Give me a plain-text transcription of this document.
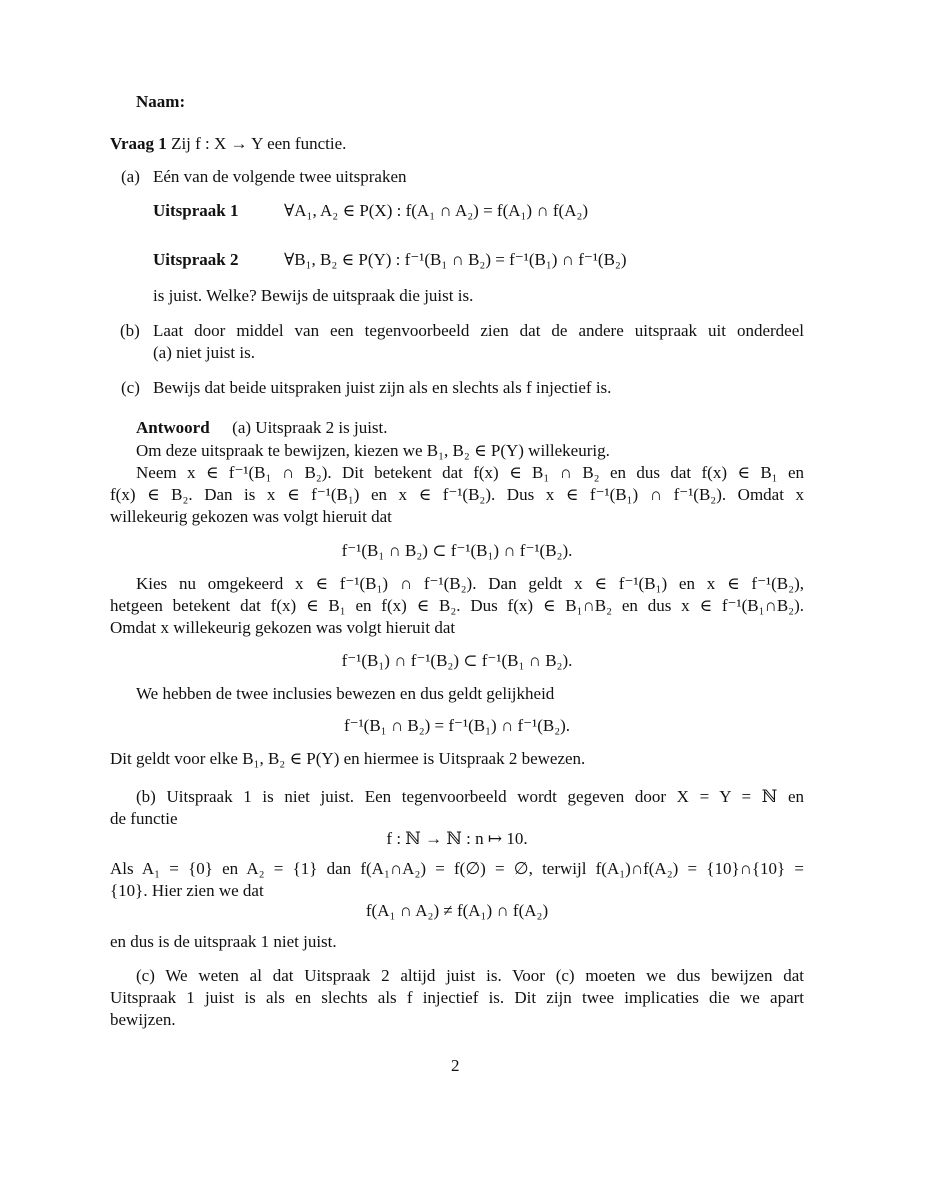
Naam:
Vraag 1 Zij f : X → Y een functie.
(a) Eén van de volgende twee uitspraken
Uitspraak 1	∀A₁, A₂ ∈ P(X) : f(A₁ ∩ A₂) = f(A₁) ∩ f(A₂)
Uitspraak 2	∀B₁, B₂ ∈ P(Y) : f⁻¹(B₁ ∩ B₂) = f⁻¹(B₁) ∩ f⁻¹(B₂)
is juist. Welke? Bewijs de uitspraak die juist is.
(b) Laat door middel van een tegenvoorbeeld zien dat de andere uitspraak uit onderdeel
(a) niet juist is.
(c) Bewijs dat beide uitspraken juist zijn als en slechts als f injectief is.
Antwoord (a) Uitspraak 2 is juist.
Om deze uitspraak te bewijzen, kiezen we B₁, B₂ ∈ P(Y) willekeurig.
Neem x ∈ f⁻¹(B₁ ∩ B₂). Dit betekent dat f(x) ∈ B₁ ∩ B₂ en dus dat f(x) ∈ B₁ en
f(x) ∈ B₂. Dan is x ∈ f⁻¹(B₁) en x ∈ f⁻¹(B₂). Dus x ∈ f⁻¹(B₁) ∩ f⁻¹(B₂). Omdat x
willekeurig gekozen was volgt hieruit dat
f⁻¹(B₁ ∩ B₂) ⊂ f⁻¹(B₁) ∩ f⁻¹(B₂).
Kies nu omgekeerd x ∈ f⁻¹(B₁) ∩ f⁻¹(B₂). Dan geldt x ∈ f⁻¹(B₁) en x ∈ f⁻¹(B₂),
hetgeen betekent dat f(x) ∈ B₁ en f(x) ∈ B₂. Dus f(x) ∈ B₁∩B₂ en dus x ∈ f⁻¹(B₁∩B₂).
Omdat x willekeurig gekozen was volgt hieruit dat
f⁻¹(B₁) ∩ f⁻¹(B₂) ⊂ f⁻¹(B₁ ∩ B₂).
We hebben de twee inclusies bewezen en dus geldt gelijkheid
f⁻¹(B₁ ∩ B₂) = f⁻¹(B₁) ∩ f⁻¹(B₂).
Dit geldt voor elke B₁, B₂ ∈ P(Y) en hiermee is Uitspraak 2 bewezen.
(b) Uitspraak 1 is niet juist. Een tegenvoorbeeld wordt gegeven door X = Y = ℕ en
de functie
f : ℕ → ℕ : n ↦ 10.
Als A₁ = {0} en A₂ = {1} dan f(A₁∩A₂) = f(∅) = ∅, terwijl f(A₁)∩f(A₂) = {10}∩{10} =
{10}. Hier zien we dat
f(A₁ ∩ A₂) ≠ f(A₁) ∩ f(A₂)
en dus is de uitspraak 1 niet juist.
(c) We weten al dat Uitspraak 2 altijd juist is. Voor (c) moeten we dus bewijzen dat
Uitspraak 1 juist is als en slechts als f injectief is. Dit zijn twee implicaties die we apart
bewijzen.
2
